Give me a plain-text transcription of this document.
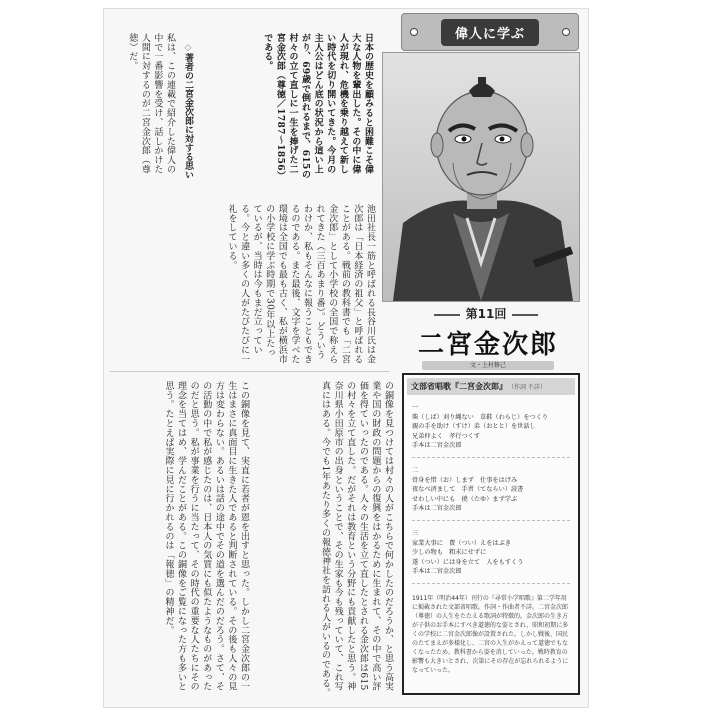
日本の歴史を顧みると困難こそ偉大な人物を輩出した。その中に偉人が現れ、危機を乗り越えて新しい時代を切り開いてきた。今月の主人公はどん底の状況から這い上がり、69歳で倒れるまで、615の村々の立て直しに一生を捧げた二宮金次郎（尊徳／1787〜1856）である。
◇著者の二宮金次郎に対する思い
私は、この連載で紹介した偉人の中で一番影響を受け、話しかけた人間に対するのが二宮金次郎（尊徳）だ。
池田社長一筋と呼ばれる長谷川氏は金次郎は「日本経済の祖父」と呼ばれることがある。戦前の教科書でも「二宮金次郎」として小学校の全国で称えられてきた（三百あまり番）。どういうわけか、私もそんなに報うこともできるのである。また最後、文字を学べた環境は全国でも最も古く、私が横浜市の小学校に学ぶ時期で30年以上たっているが、当時は今もまだ立っている。今と違い多くの人がたびたびに一礼をしている。
の銅像を見つけては村々の人がこちらで何かしたのだろうか、と思う高実業や国の財政の問題からの復興をはかるために生まれて、その中で高い評価を得ていったのである。人々の生活を立て直したとされる金次郎は615の村々を立て直した。だがそれは教育という分野にも貢献したと思う。神奈川県小田原市の出身ということで、その生家も今も残っていて、これ写真にはある。今でも1年あたり多くの報徳神社を訪れる人がいるのである。
この銅像を見て、実直に若者が恩を出すと思った。しかし二宮金次郎の一生はまさに真面目に生きた人であると判断されている。その後も人々の見方は変わらない。あるいは話の途中でその道を選んだのだろう。さて、その活動の中で私が感じたのは、日本人の気質にも似たようなものがあったのだと思う。私が事業を行うに当たって、その時代の重要な人たちにその理念を当てはめ、学んだことがある。この銅像をご覧になった方も多いと思う。たとえば実際に見に行かれるのは「報徳」の精神だ。
偉人に学ぶ
第11回
二宮金次郎
文・上村修己
文部省唱歌『二宮金次郎』 （作詞 不詳）
一
柴（しば）刈り縄ない　草鞋（わらじ）をつくり
親の手を助け（すけ）弟（おとと）を世話し
兄弟仲よく　孝行つくす
手本は二宮金次郎
二
骨身を惜（お）しまず　仕事をはげみ
夜なべ済まして　手習（てならい）読書
せわしい中にも　撓（たゆ）まず学ぶ
手本は二宮金次郎
三
家業大事に　費（つい）えをはぶき
少しの物も　粗末にせずに
遂（つい）には身を立て　人をもすくう
手本は二宮金次郎
1911年（明治44年）刊行の『尋常小学唱歌』第二学年用に掲載された文部省唱歌。作詞・作曲者不詳。二宮金次郎（尊徳）の人生をたたえる歌詞が特徴的。金次郎の生き方が子供のお手本にすべき道徳的な姿とされ、昭和初期に多くの学校に二宮金次郎像が設置された。しかし戦後、国民のたてまえが多様化し、二宮の人生がかえって道徳でもなくなったため、教科書から姿を消していった。戦時教育の影響も大きいとされ、次第にその存在が忘れられるようになっていった。
